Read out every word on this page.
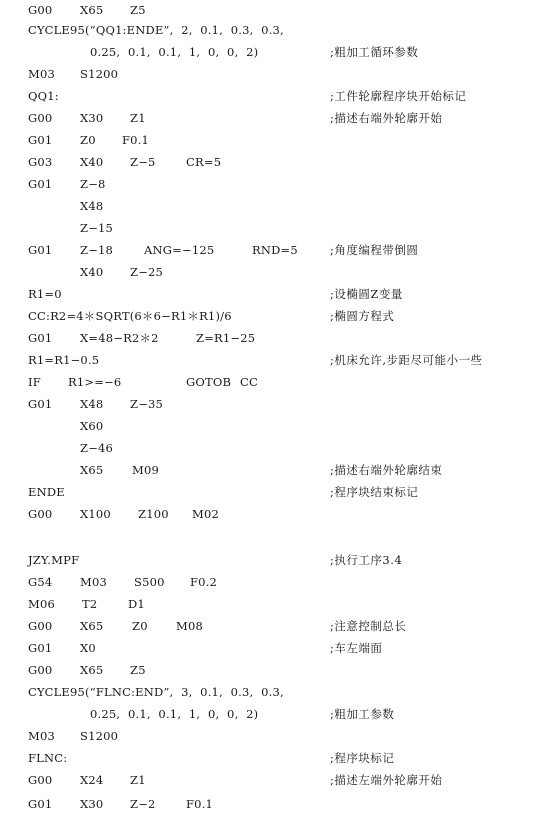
G00 X65 Z5
CYCLE95(“QQ1:ENDE”,  2,  0.1,  0.3,  0.3,
0.25,  0.1,  0.1,  1,  0,  0,  2)	;粗加工循环参数
M03 S1200
QQ1:	;工件轮廓程序块开始标记
G00 X30 Z1	;描述右端外轮廓开始
G01 Z0 F0.1
G03 X40 Z−5	CR=5
G01 Z−8
X48
Z−15
G01 Z−18	ANG=−125	RND=5	;角度编程带倒圆
X40 Z−25
R1=0	;设椭圆Z变量
CC:R2=4＊SQRT(6＊6−R1＊R1)/6	;椭圆方程式
G01 X=48−R2＊2	Z=R1−25
R1=R1−0.5	;机床允许,步距尽可能小一些
IF R1>=−6	GOTOB CC
G01 X48 Z−35
X60
Z−46
X65 M09	;描述右端外轮廓结束
ENDE	;程序块结束标记
G00 X100 Z100 M02
JZY.MPF	;执行工序3.4
G54 M03 S500 F0.2
M06 T2	D1
G00 X65 Z0 M08	;注意控制总长
G01 X0	;车左端面
G00 X65 Z5
CYCLE95(“FLNC:END”,  3,  0.1,  0.3,  0.3,
0.25,  0.1,  0.1,  1,  0,  0,  2)	;粗加工参数
M03 S1200
FLNC:	;程序块标记
G00 X24 Z1	;描述左端外轮廓开始
G01 X30 Z−2	F0.1
